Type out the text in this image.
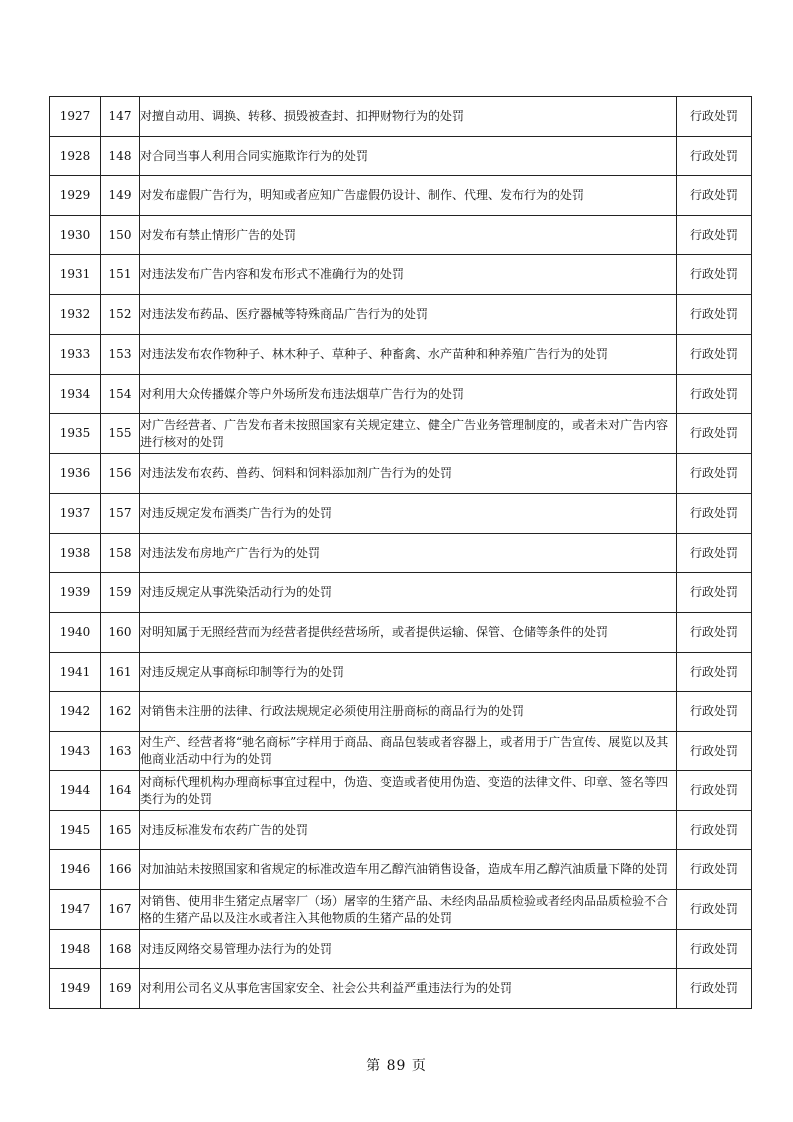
1927	147	对擅自动用、调换、转移、损毁被查封、扣押财物行为的处罚	行政处罚
1928	148	对合同当事人利用合同实施欺诈行为的处罚	行政处罚
1929	149	对发布虚假广告行为，明知或者应知广告虚假仍设计、制作、代理、发布行为的处罚	行政处罚
1930	150	对发布有禁止情形广告的处罚	行政处罚
1931	151	对违法发布广告内容和发布形式不准确行为的处罚	行政处罚
1932	152	对违法发布药品、医疗器械等特殊商品广告行为的处罚	行政处罚
1933	153	对违法发布农作物种子、林木种子、草种子、种畜禽、水产苗种和种养殖广告行为的处罚	行政处罚
1934	154	对利用大众传播媒介等户外场所发布违法烟草广告行为的处罚	行政处罚
1935	155	对广告经营者、广告发布者未按照国家有关规定建立、健全广告业务管理制度的，或者未对广告内容进行核对的处罚	行政处罚
1936	156	对违法发布农药、兽药、饲料和饲料添加剂广告行为的处罚	行政处罚
1937	157	对违反规定发布酒类广告行为的处罚	行政处罚
1938	158	对违法发布房地产广告行为的处罚	行政处罚
1939	159	对违反规定从事洗染活动行为的处罚	行政处罚
1940	160	对明知属于无照经营而为经营者提供经营场所，或者提供运输、保管、仓储等条件的处罚	行政处罚
1941	161	对违反规定从事商标印制等行为的处罚	行政处罚
1942	162	对销售未注册的法律、行政法规规定必须使用注册商标的商品行为的处罚	行政处罚
1943	163	对生产、经营者将“驰名商标”字样用于商品、商品包装或者容器上，或者用于广告宣传、展览以及其他商业活动中行为的处罚	行政处罚
1944	164	对商标代理机构办理商标事宜过程中，伪造、变造或者使用伪造、变造的法律文件、印章、签名等四类行为的处罚	行政处罚
1945	165	对违反标准发布农药广告的处罚	行政处罚
1946	166	对加油站未按照国家和省规定的标准改造车用乙醇汽油销售设备，造成车用乙醇汽油质量下降的处罚	行政处罚
1947	167	对销售、使用非生猪定点屠宰厂（场）屠宰的生猪产品、未经肉品品质检验或者经肉品品质检验不合格的生猪产品以及注水或者注入其他物质的生猪产品的处罚	行政处罚
1948	168	对违反网络交易管理办法行为的处罚	行政处罚
1949	169	对利用公司名义从事危害国家安全、社会公共利益严重违法行为的处罚	行政处罚
第 89 页
